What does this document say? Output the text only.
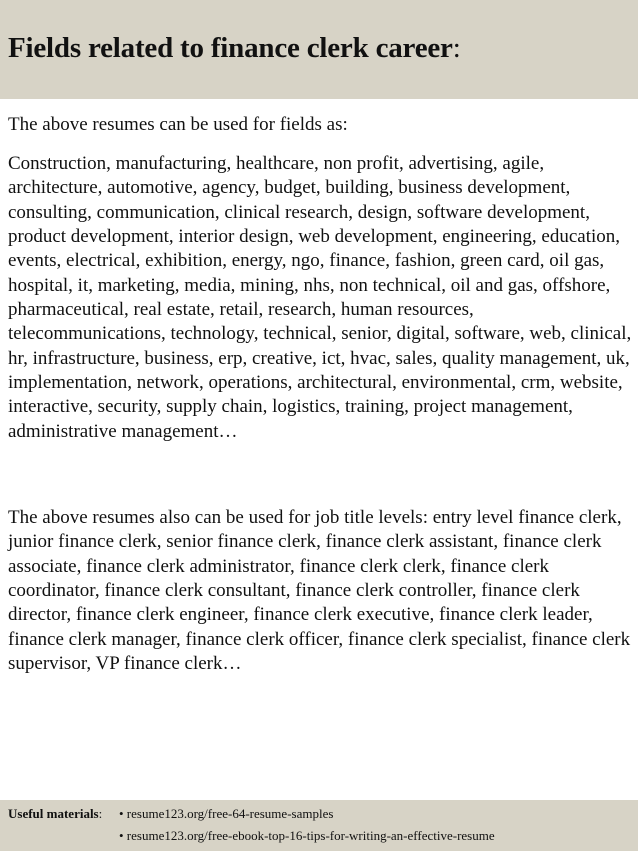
Fields related to finance clerk career:

The above resumes can be used for fields as:

Construction, manufacturing, healthcare, non profit, advertising, agile, architecture, automotive, agency, budget, building, business development, consulting, communication, clinical research, design, software development, product development, interior design, web development, engineering, education, events, electrical, exhibition, energy, ngo, finance, fashion, green card, oil gas, hospital, it, marketing, media, mining, nhs, non technical, oil and gas, offshore, pharmaceutical, real estate, retail, research, human resources, telecommunications, technology, technical, senior, digital, software, web, clinical, hr, infrastructure, business, erp, creative, ict, hvac, sales, quality management, uk, implementation, network, operations, architectural, environmental, crm, website, interactive, security, supply chain, logistics, training, project management, administrative management…

The above resumes also can be used for job title levels: entry level finance clerk, junior finance clerk, senior finance clerk, finance clerk assistant, finance clerk associate, finance clerk administrator, finance clerk clerk, finance clerk coordinator, finance clerk consultant, finance clerk controller, finance clerk director, finance clerk engineer, finance clerk executive, finance clerk leader, finance clerk manager, finance clerk officer, finance clerk specialist, finance clerk supervisor, VP finance clerk…

Useful materials: • resume123.org/free-64-resume-samples
• resume123.org/free-ebook-top-16-tips-for-writing-an-effective-resume
